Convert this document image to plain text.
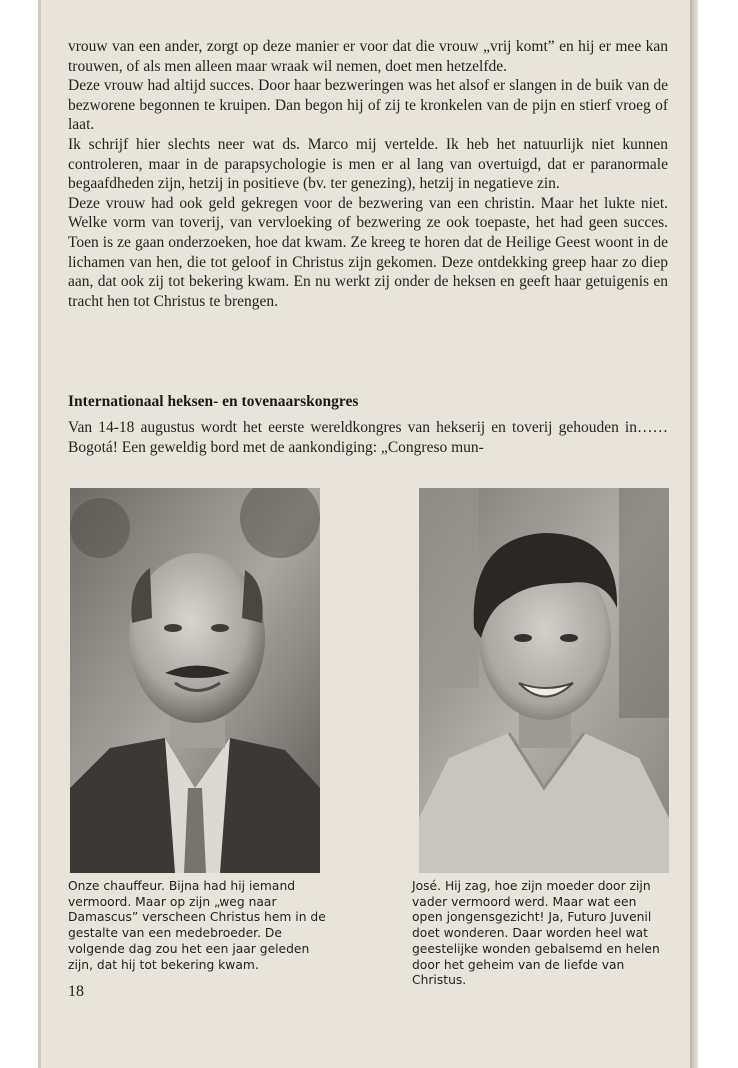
vrouw van een ander, zorgt op deze manier er voor dat die vrouw „vrij komt” en hij er mee kan trouwen, of als men alleen maar wraak wil nemen, doet men hetzelfde.

Deze vrouw had altijd succes. Door haar bezweringen was het alsof er slangen in de buik van de bezworene begonnen te kruipen. Dan begon hij of zij te kronkelen van de pijn en stierf vroeg of laat.

Ik schrijf hier slechts neer wat ds. Marco mij vertelde. Ik heb het natuurlijk niet kunnen controleren, maar in de parapsychologie is men er al lang van overtuigd, dat er paranormale begaafdheden zijn, hetzij in positieve (bv. ter genezing), hetzij in negatieve zin.

Deze vrouw had ook geld gekregen voor de bezwering van een christin. Maar het lukte niet. Welke vorm van toverij, van vervloeking of bezwering ze ook toepaste, het had geen succes. Toen is ze gaan onderzoeken, hoe dat kwam. Ze kreeg te horen dat de Heilige Geest woont in de lichamen van hen, die tot geloof in Christus zijn gekomen. Deze ontdekking greep haar zo diep aan, dat ook zij tot bekering kwam. En nu werkt zij onder de heksen en geeft haar getuigenis en tracht hen tot Christus te brengen.

Internationaal heksen- en tovenaarskongres

Van 14-18 augustus wordt het eerste wereldkongres van hekserij en toverij gehouden in…… Bogotá! Een geweldig bord met de aankondiging: „Congreso mun-

Onze chauffeur. Bijna had hij iemand vermoord. Maar op zijn „weg naar Damascus” verscheen Christus hem in de gestalte van een medebroeder. De volgende dag zou het een jaar geleden zijn, dat hij tot bekering kwam.

José. Hij zag, hoe zijn moeder door zijn vader vermoord werd. Maar wat een open jongensgezicht! Ja, Futuro Juvenil doet wonderen. Daar worden heel wat geestelijke wonden gebalsemd en helen door het geheim van de liefde van Christus.

18
